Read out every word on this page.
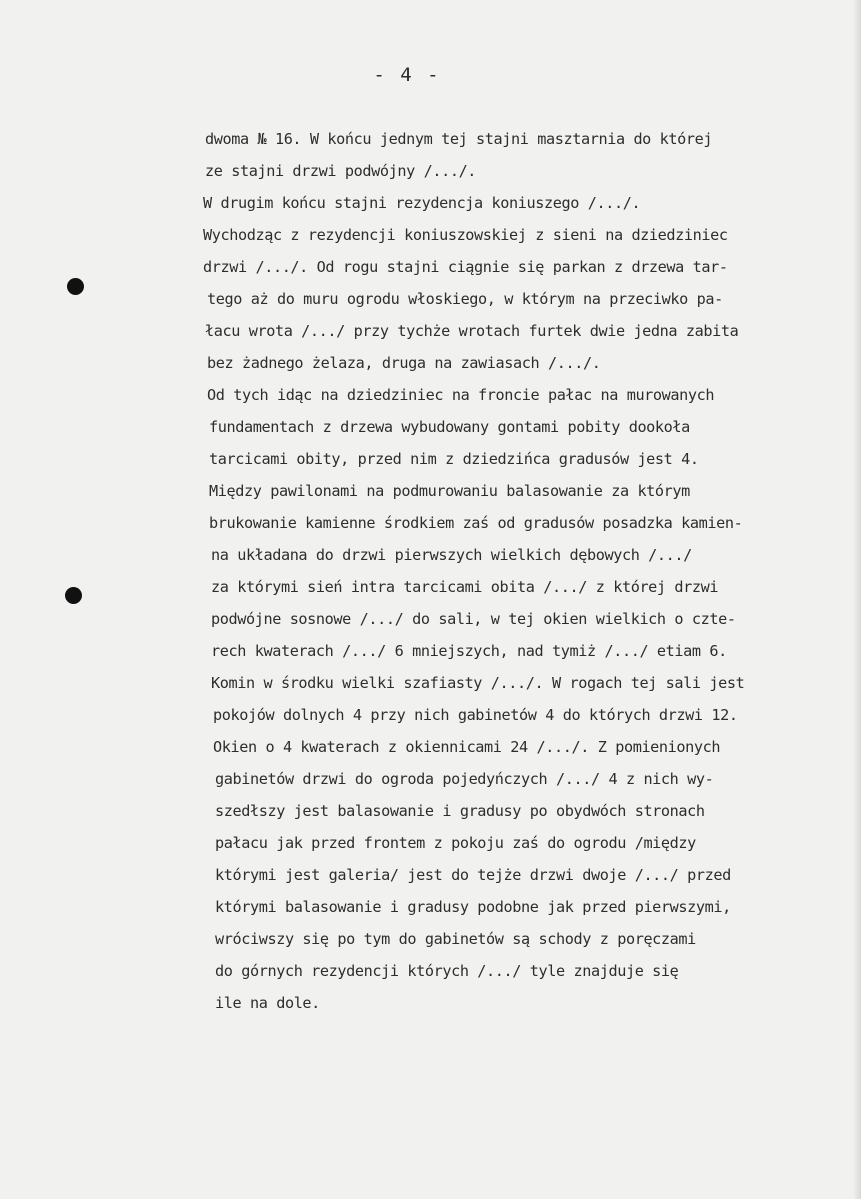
- 4 -
dwoma № 16. W końcu jednym tej stajni masztarnia do której
ze stajni drzwi podwójny /.../.
W drugim końcu stajni rezydencja koniuszego /.../.
Wychodząc z rezydencji koniuszowskiej z sieni na dziedziniec
drzwi /.../. Od rogu stajni ciągnie się parkan z drzewa tar-
tego aż do muru ogrodu włoskiego, w którym na przeciwko pa-
łacu wrota /.../ przy tychże wrotach furtek dwie jedna zabita
bez żadnego żelaza, druga na zawiasach /.../.
Od tych idąc na dziedziniec na froncie pałac na murowanych
fundamentach z drzewa wybudowany gontami pobity dookoła
tarcicami obity, przed nim z dziedzińca gradusów jest 4.
Między pawilonami na podmurowaniu balasowanie za którym
brukowanie kamienne środkiem zaś od gradusów posadzka kamien-
na układana do drzwi pierwszych wielkich dębowych /.../
za którymi sień intra tarcicami obita /.../ z której drzwi
podwójne sosnowe /.../ do sali, w tej okien wielkich o czte-
rech kwaterach /.../ 6 mniejszych, nad tymiż /.../ etiam 6.
Komin w środku wielki szafiasty /.../. W rogach tej sali jest
pokojów dolnych 4 przy nich gabinetów 4 do których drzwi 12.
Okien o 4 kwaterach z okiennicami 24 /.../. Z pomienionych
gabinetów drzwi do ogroda pojedyńczych /.../ 4 z nich wy-
szedłszy jest balasowanie i gradusy po obydwóch stronach
pałacu jak przed frontem z pokoju zaś do ogrodu /między
którymi jest galeria/ jest do tejże drzwi dwoje /.../ przed
którymi balasowanie i gradusy podobne jak przed pierwszymi,
wróciwszy się po tym do gabinetów są schody z poręczami
do górnych rezydencji których /.../ tyle znajduje się
ile na dole.
